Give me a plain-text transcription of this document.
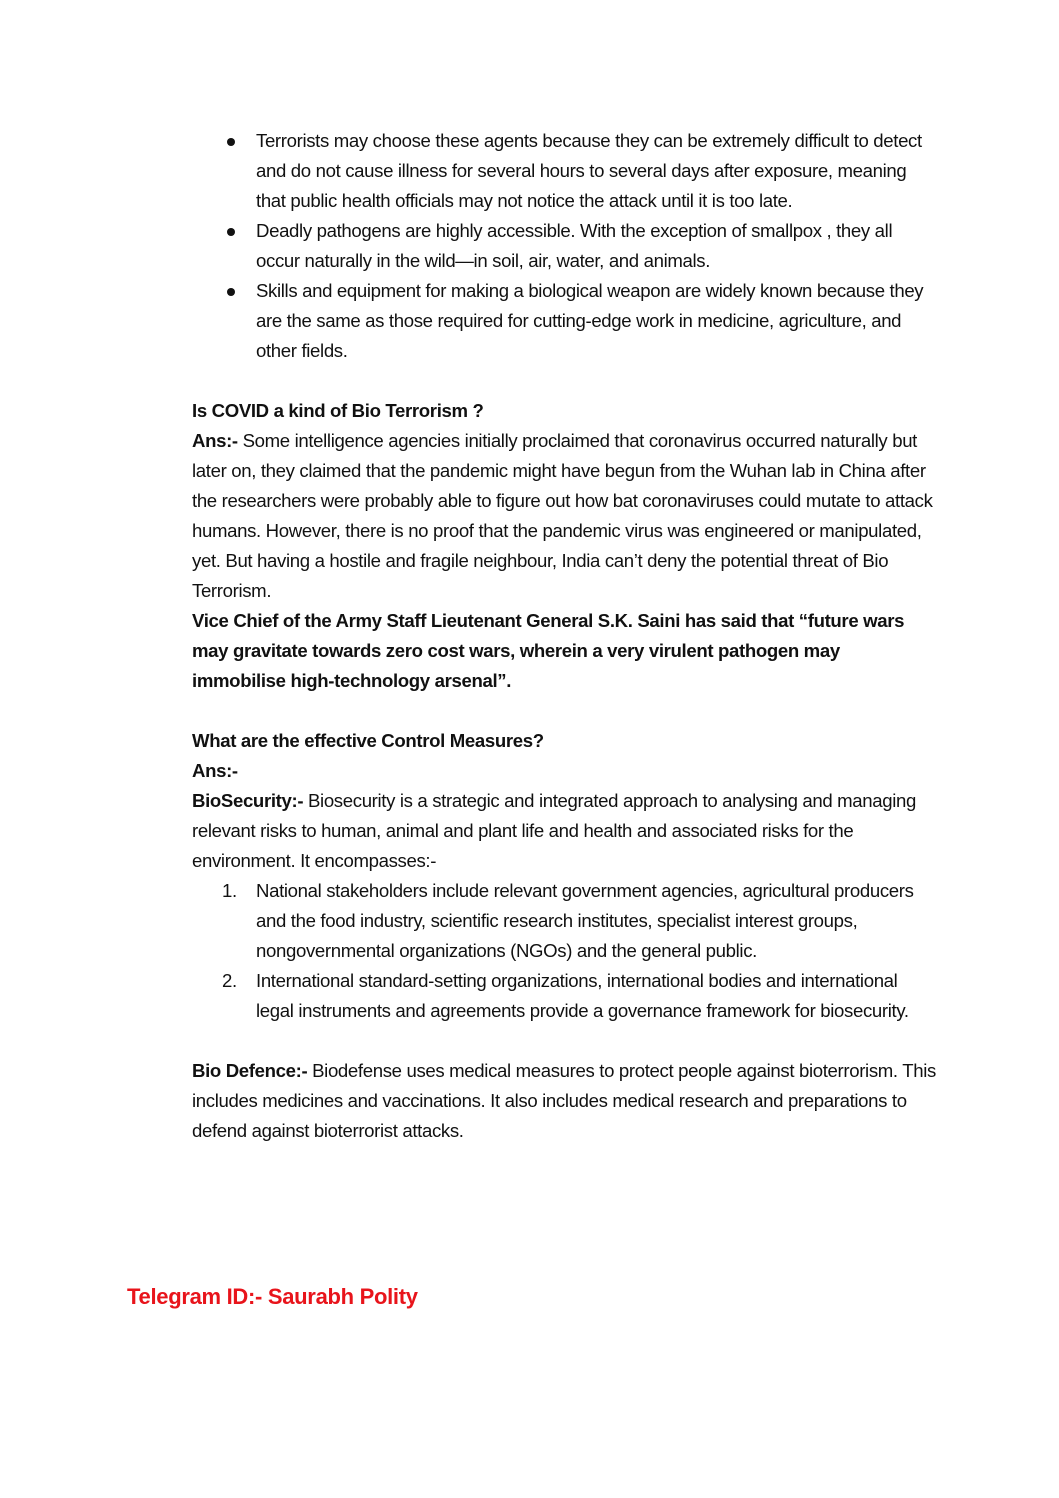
Terrorists may choose these agents because they can be extremely difficult to detect and do not cause illness for several hours to several days after exposure, meaning that public health officials may not notice the attack until it is too late.
Deadly pathogens are highly accessible. With the exception of smallpox , they all occur naturally in the wild—in soil, air, water, and animals.
Skills and equipment for making a biological weapon are widely known because they are the same as those required for cutting-edge work in medicine, agriculture, and other fields.

Is COVID a kind of Bio Terrorism ?

Ans:- Some intelligence agencies initially proclaimed that coronavirus occurred naturally but later on, they claimed that the pandemic might have begun from the Wuhan lab in China after the researchers were probably able to figure out how bat coronaviruses could mutate to attack humans. However, there is no proof that the pandemic virus was engineered or manipulated, yet. But having a hostile and fragile neighbour, India can’t deny the potential threat of Bio Terrorism.

Vice Chief of the Army Staff Lieutenant General S.K. Saini has said that “future wars may gravitate towards zero cost wars, wherein a very virulent pathogen may immobilise high-technology arsenal”.

What are the effective Control Measures?

Ans:-

BioSecurity:- Biosecurity is a strategic and integrated approach to analysing and managing relevant risks to human, animal and plant life and health and associated risks for the environment. It encompasses:-

1. National stakeholders include relevant government agencies, agricultural producers and the food industry, scientific research institutes, specialist interest groups, nongovernmental organizations (NGOs) and the general public.
2. International standard-setting organizations, international bodies and international legal instruments and agreements provide a governance framework for biosecurity.

Bio Defence:- Biodefense uses medical measures to protect people against bioterrorism. This includes medicines and vaccinations. It also includes medical research and preparations to defend against bioterrorist attacks.

Telegram ID:- Saurabh Polity
